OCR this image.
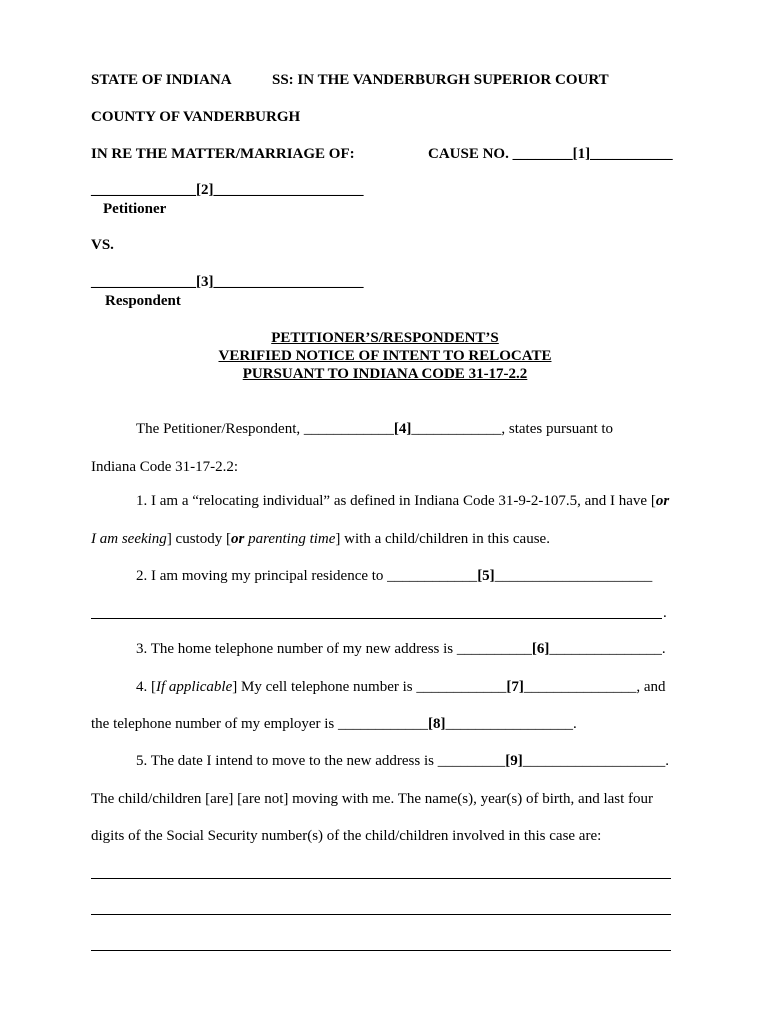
STATE OF INDIANA	SS: IN THE VANDERBURGH SUPERIOR COURT
COUNTY OF VANDERBURGH
IN RE THE MATTER/MARRIAGE OF:	CAUSE NO. ________[1]___________
______________[2]____________________
Petitioner
VS.
______________[3]____________________
Respondent
PETITIONER’S/RESPONDENT’S
VERIFIED NOTICE OF INTENT TO RELOCATE
PURSUANT TO INDIANA CODE 31-17-2.2
The Petitioner/Respondent, ____________[4]____________, states pursuant to
Indiana Code 31-17-2.2:
1. I am a “relocating individual” as defined in Indiana Code 31-9-2-107.5, and I have [or
I am seeking] custody [or parenting time] with a child/children in this cause.
2. I am moving my principal residence to ____________[5]_____________________
.
3. The home telephone number of my new address is __________[6]_______________.
4. [If applicable] My cell telephone number is ____________[7]_______________, and
the telephone number of my employer is ____________[8]_________________.
5. The date I intend to move to the new address is _________[9]___________________.
The child/children [are] [are not] moving with me. The name(s), year(s) of birth, and last four
digits of the Social Security number(s) of the child/children involved in this case are:
